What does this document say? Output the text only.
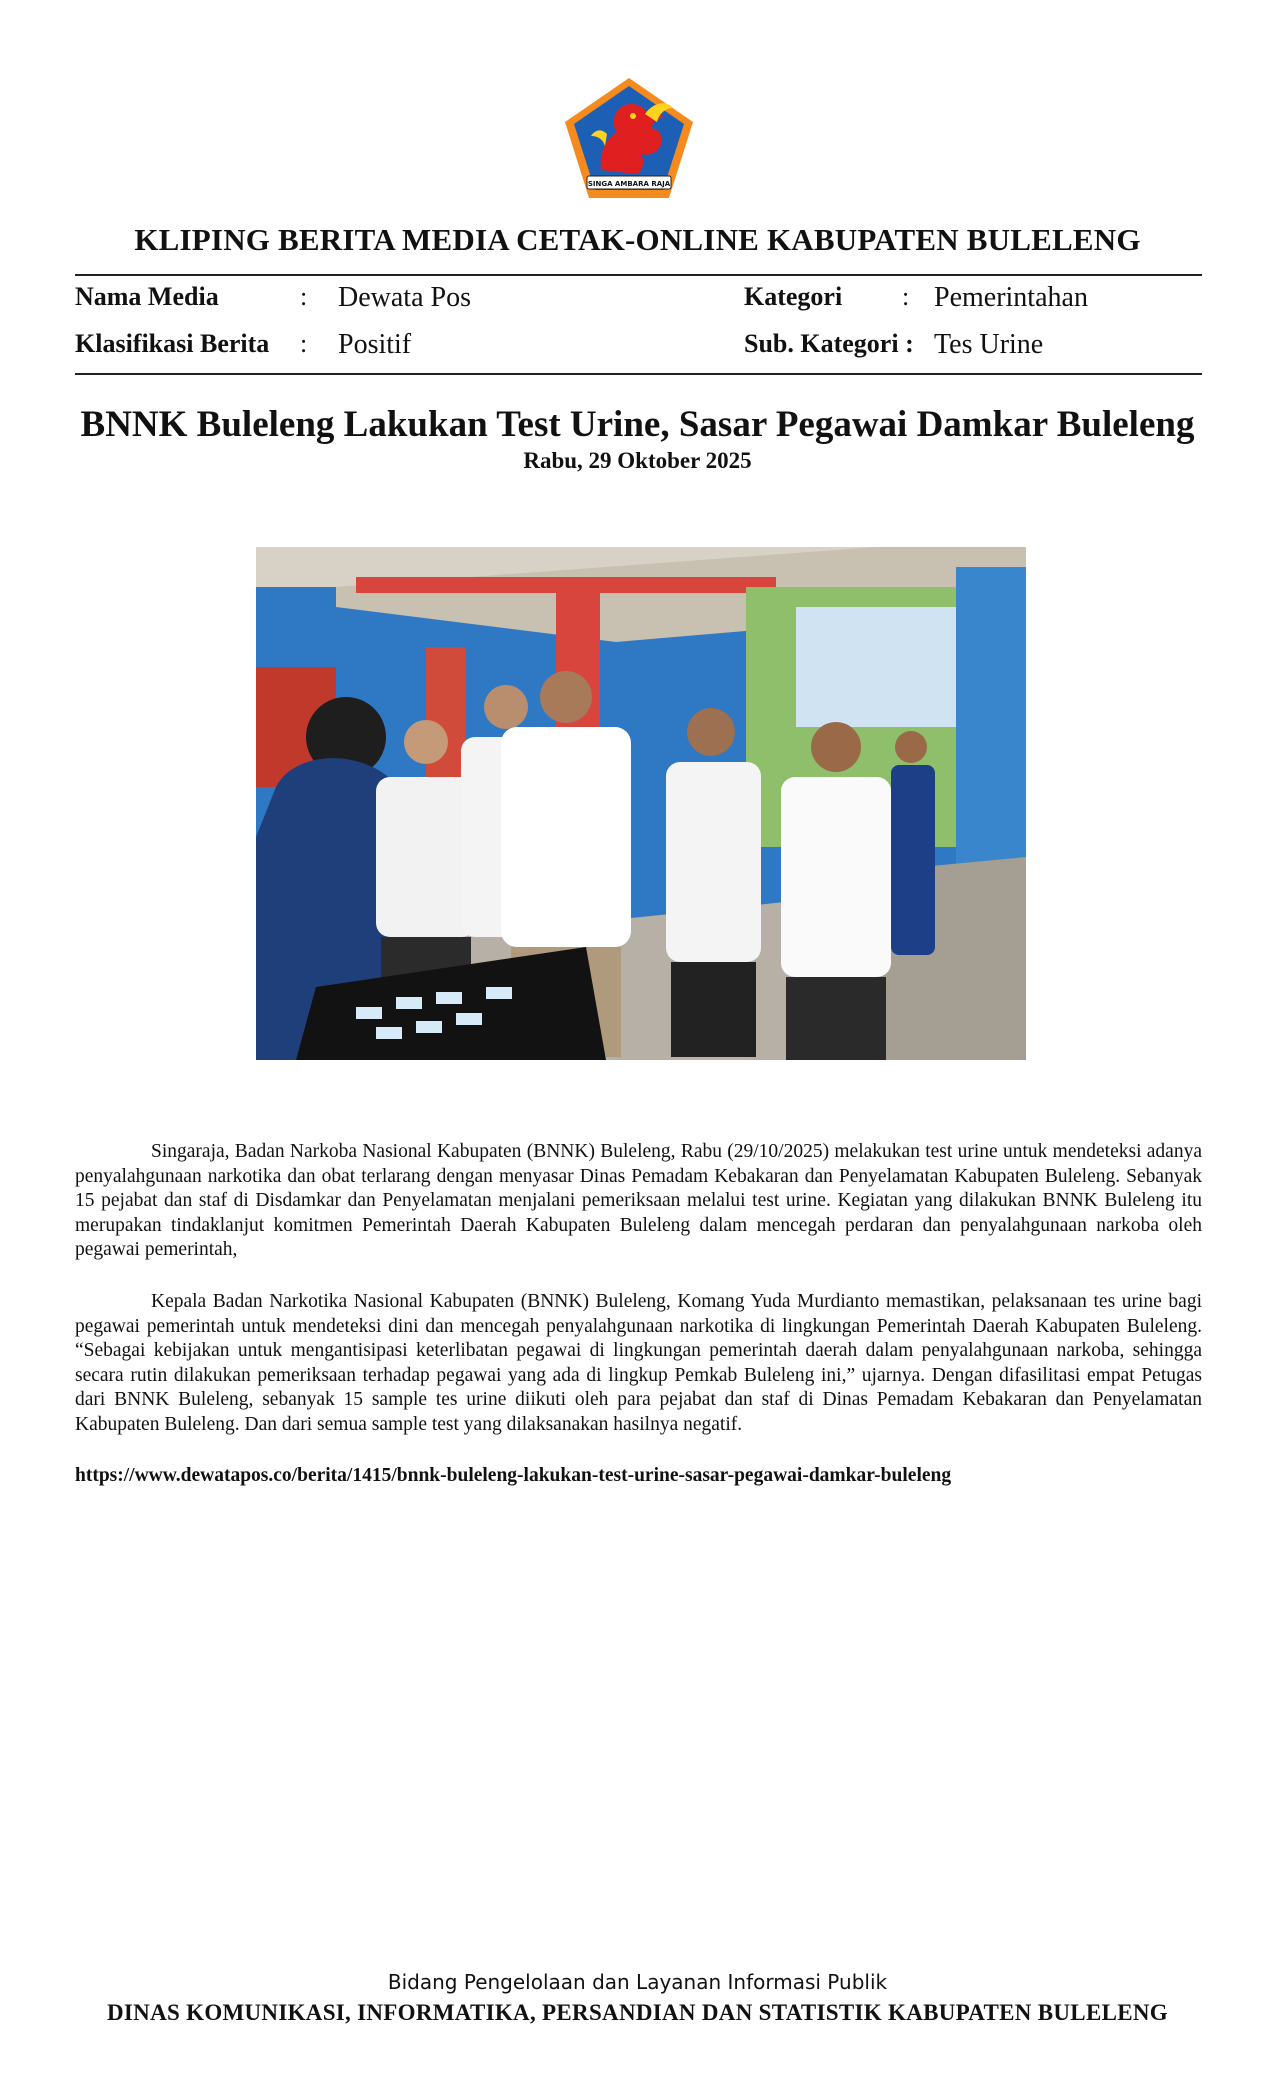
SINGA AMBARA RAJA
KLIPING BERITA MEDIA CETAK-ONLINE KABUPATEN BULELENG
Nama Media	: Dewata Pos	Kategori : Pemerintahan
Klasifikasi Berita : Positif	Sub. Kategori : Tes Urine
BNNK Buleleng Lakukan Test Urine, Sasar Pegawai Damkar Buleleng
Rabu, 29 Oktober 2025
Singaraja, Badan Narkoba Nasional Kabupaten (BNNK) Buleleng, Rabu (29/10/2025) melakukan test urine untuk mendeteksi adanya penyalahgunaan narkotika dan obat terlarang dengan menyasar Dinas Pemadam Kebakaran dan Penyelamatan Kabupaten Buleleng. Sebanyak 15 pejabat dan staf di Disdamkar dan Penyelamatan menjalani pemeriksaan melalui test urine. Kegiatan yang dilakukan BNNK Buleleng itu merupakan tindaklanjut komitmen Pemerintah Daerah Kabupaten Buleleng dalam mencegah perdaran dan penyalahgunaan narkoba oleh pegawai pemerintah,
Kepala Badan Narkotika Nasional Kabupaten (BNNK) Buleleng, Komang Yuda Murdianto memastikan, pelaksanaan tes urine bagi pegawai pemerintah untuk mendeteksi dini dan mencegah penyalahgunaan narkotika di lingkungan Pemerintah Daerah Kabupaten Buleleng. “Sebagai kebijakan untuk mengantisipasi keterlibatan pegawai di lingkungan pemerintah daerah dalam penyalahgunaan narkoba, sehingga secara rutin dilakukan pemeriksaan terhadap pegawai yang ada di lingkup Pemkab Buleleng ini,” ujarnya. Dengan difasilitasi empat Petugas dari BNNK Buleleng, sebanyak 15 sample tes urine diikuti oleh para pejabat dan staf di Dinas Pemadam Kebakaran dan Penyelamatan Kabupaten Buleleng. Dan dari semua sample test yang dilaksanakan hasilnya negatif.
https://www.dewatapos.co/berita/1415/bnnk-buleleng-lakukan-test-urine-sasar-pegawai-damkar-buleleng
Bidang Pengelolaan dan Layanan Informasi Publik
DINAS KOMUNIKASI, INFORMATIKA, PERSANDIAN DAN STATISTIK KABUPATEN BULELENG
